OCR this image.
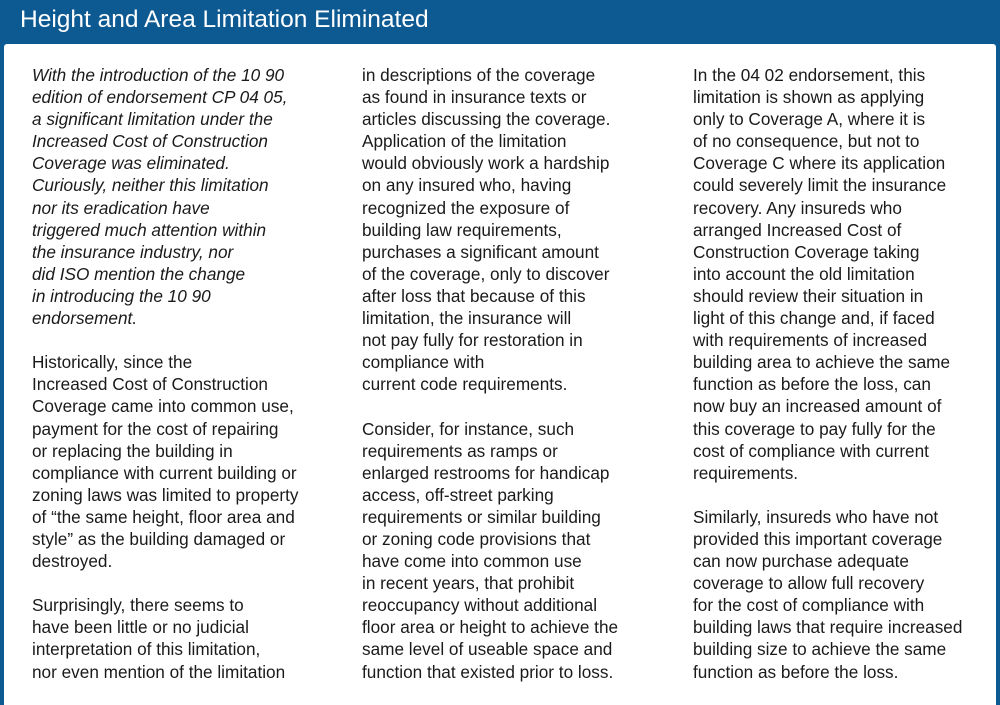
Height and Area Limitation Eliminated
With the introduction of the 10 90
edition of endorsement CP 04 05,
a significant limitation under the
Increased Cost of Construction
Coverage was eliminated.
Curiously, neither this limitation
nor its eradication have
triggered much attention within
the insurance industry, nor
did ISO mention the change
in introducing the 10 90
endorsement.
Historically, since the
Increased Cost of Construction
Coverage came into common use,
payment for the cost of repairing
or replacing the building in
compliance with current building or
zoning laws was limited to property
of “the same height, floor area and
style” as the building damaged or
destroyed.
Surprisingly, there seems to
have been little or no judicial
interpretation of this limitation,
nor even mention of the limitation
in descriptions of the coverage
as found in insurance texts or
articles discussing the coverage.
Application of the limitation
would obviously work a hardship
on any insured who, having
recognized the exposure of
building law requirements,
purchases a significant amount
of the coverage, only to discover
after loss that because of this
limitation, the insurance will
not pay fully for restoration in
compliance with
current code requirements.
Consider, for instance, such
requirements as ramps or
enlarged restrooms for handicap
access, off-street parking
requirements or similar building
or zoning code provisions that
have come into common use
in recent years, that prohibit
reoccupancy without additional
floor area or height to achieve the
same level of useable space and
function that existed prior to loss.
In the 04 02 endorsement, this
limitation is shown as applying
only to Coverage A, where it is
of no consequence, but not to
Coverage C where its application
could severely limit the insurance
recovery. Any insureds who
arranged Increased Cost of
Construction Coverage taking
into account the old limitation
should review their situation in
light of this change and, if faced
with requirements of increased
building area to achieve the same
function as before the loss, can
now buy an increased amount of
this coverage to pay fully for the
cost of compliance with current
requirements.
Similarly, insureds who have not
provided this important coverage
can now purchase adequate
coverage to allow full recovery
for the cost of compliance with
building laws that require increased
building size to achieve the same
function as before the loss.
